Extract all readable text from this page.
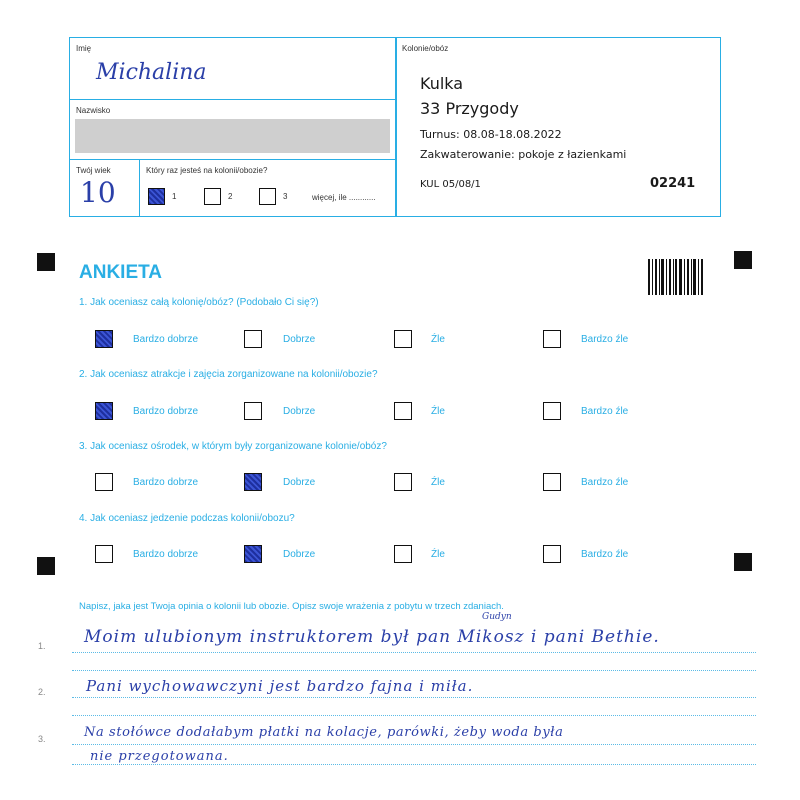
Imię
Michalina
Nazwisko
Twój wiek
10
Który raz jesteś na kolonii/obozie?
1	2	3	więcej, ile ............
Kolonie/obóz
Kulka
33 Przygody
Turnus: 08.08-18.08.2022
Zakwaterowanie: pokoje z łazienkami
KUL 05/08/1	02241
ANKIETA
1. Jak oceniasz całą kolonię/obóz? (Podobało Ci się?)
Bardzo dobrze	Dobrze	Źle	Bardzo źle
2. Jak oceniasz atrakcje i zajęcia zorganizowane na kolonii/obozie?
Bardzo dobrze	Dobrze	Źle	Bardzo źle
3. Jak oceniasz ośrodek, w którym były zorganizowane kolonie/obóz?
Bardzo dobrze	Dobrze	Źle	Bardzo źle
4. Jak oceniasz jedzenie podczas kolonii/obozu?
Bardzo dobrze	Dobrze	Źle	Bardzo źle
Napisz, jaka jest Twoja opinia o kolonii lub obozie. Opisz swoje wrażenia z pobytu w trzech zdaniach.
1.
Gudyn
Moim ulubionym instruktorem był pan Mikosz i pani Bethie.
2.	Pani wychowawczyni jest bardzo fajna i miła.
3.	Na stołówce dodałabym płatki na kolacje, parówki, żeby woda była
nie przegotowana.
